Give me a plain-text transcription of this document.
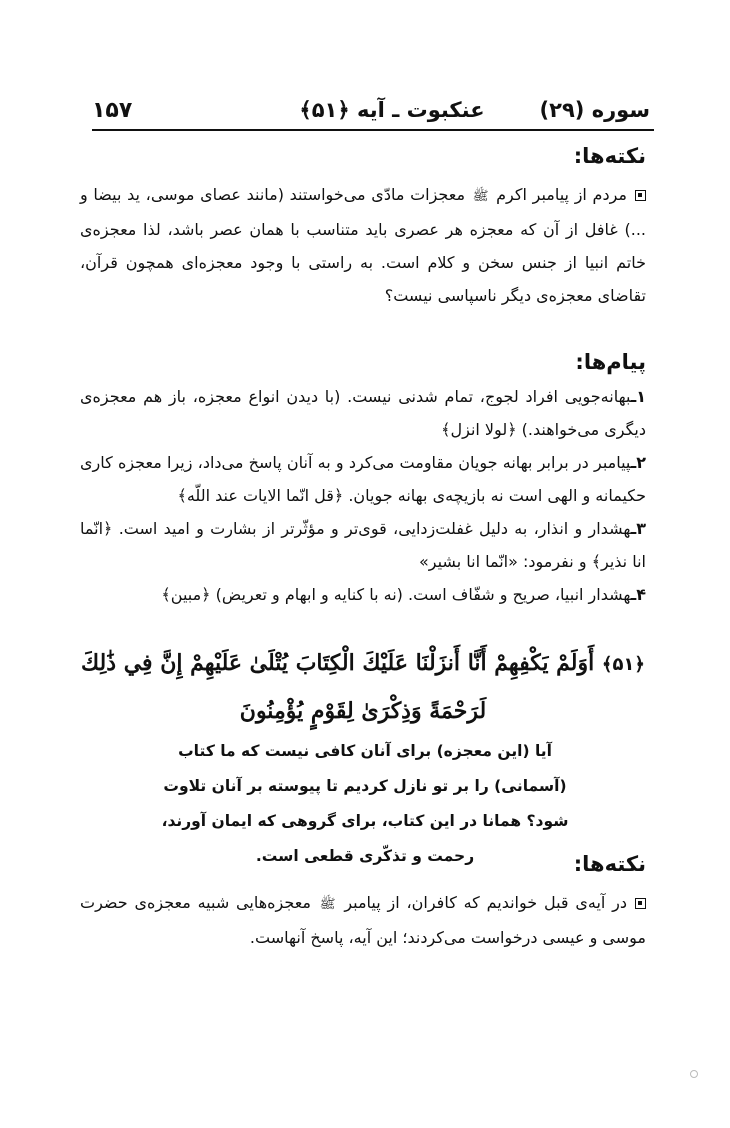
۱۵۷	عنکبوت ـ آیه ﴿۵۱﴾	سوره (۲۹)
نکته‌ها:
مردم از پیامبر اکرم ﷺ معجزات مادّی می‌خواستند (مانند عصای موسی، ید بیضا و ...) غافل از آن که معجزه هر عصری باید متناسب با همان عصر باشد، لذا معجزه‌ی خاتم انبیا از جنس سخن و کلام است. به راستی با وجود معجزه‌ای همچون قرآن، تقاضای معجزه‌ی دیگر ناسپاسی نیست؟
پیام‌ها:
۱ـبهانه‌جویی افراد لجوج، تمام شدنی نیست. (با دیدن انواع معجزه، باز هم معجزه‌ی دیگری می‌خواهند.) ﴿لولا انزل﴾
۲ـپیامبر در برابر بهانه جویان مقاومت می‌کرد و به آنان پاسخ می‌داد، زیرا معجزه کاری حکیمانه و الهی است نه بازیچه‌ی بهانه جویان. ﴿قل انّما الایات عند اللّه﴾
۳ـهشدار و انذار، به دلیل غفلت‌زدایی، قوی‌تر و مؤثّرتر از بشارت و امید است. ﴿انّما انا نذیر﴾ و نفرمود: «انّما انا بشیر»
۴ـهشدار انبیا، صریح و شفّاف است. (نه با کنایه و ابهام و تعریض) ﴿مبین﴾
﴿۵۱﴾ أَوَلَمْ يَكْفِهِمْ أَنَّا أَنزَلْنَا عَلَيْكَ الْكِتَابَ يُتْلَىٰ عَلَيْهِمْ إِنَّ فِي ذَٰلِكَ
لَرَحْمَةً وَذِكْرَىٰ لِقَوْمٍ يُؤْمِنُونَ
آیا (این معجزه) برای آنان کافی نیست که ما کتاب (آسمانی) را بر تو نازل کردیم تا پیوسته بر آنان تلاوت شود؟ همانا در این کتاب، برای گروهی که ایمان آورند، رحمت و تذکّری قطعی است.	نکته‌ها:
در آیه‌ی قبل خواندیم که کافران، از پیامبر ﷺ معجزه‌هایی شبیه معجزه‌ی حضرت موسی و عیسی درخواست می‌کردند؛ این آیه، پاسخ آنهاست.
